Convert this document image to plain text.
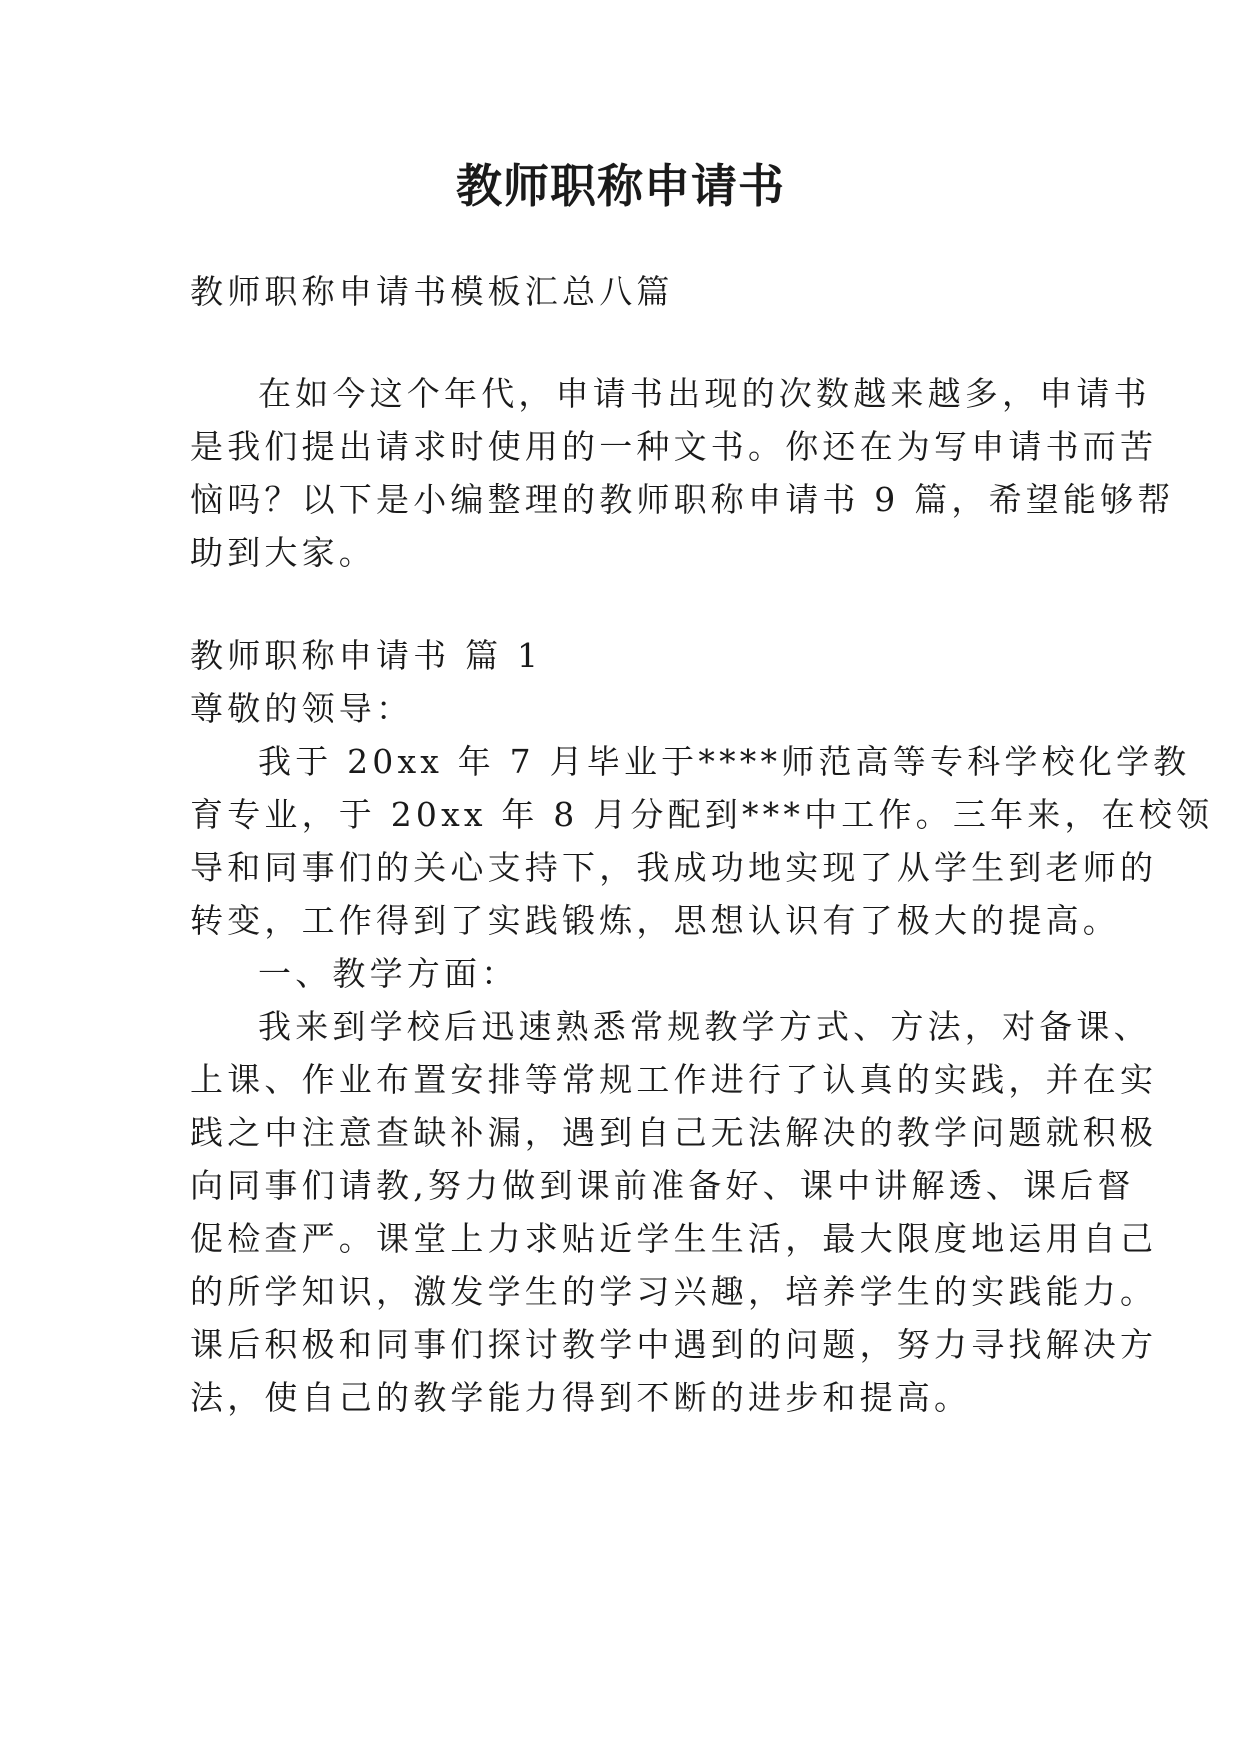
教师职称申请书
教师职称申请书模板汇总八篇
在如今这个年代，申请书出现的次数越来越多，申请书
是我们提出请求时使用的一种文书。你还在为写申请书而苦
恼吗？以下是小编整理的教师职称申请书 9 篇，希望能够帮
助到大家。
教师职称申请书 篇 1
尊敬的领导：
我于 20xx 年 7 月毕业于****师范高等专科学校化学教
育专业，于 20xx 年 8 月分配到***中工作。三年来，在校领
导和同事们的关心支持下，我成功地实现了从学生到老师的
转变，工作得到了实践锻炼，思想认识有了极大的提高。
一、教学方面：
我来到学校后迅速熟悉常规教学方式、方法，对备课、
上课、作业布置安排等常规工作进行了认真的实践，并在实
践之中注意查缺补漏，遇到自己无法解决的教学问题就积极
向同事们请教,努力做到课前准备好、课中讲解透、课后督
促检查严。课堂上力求贴近学生生活，最大限度地运用自己
的所学知识，激发学生的学习兴趣，培养学生的实践能力。
课后积极和同事们探讨教学中遇到的问题，努力寻找解决方
法，使自己的教学能力得到不断的进步和提高。
